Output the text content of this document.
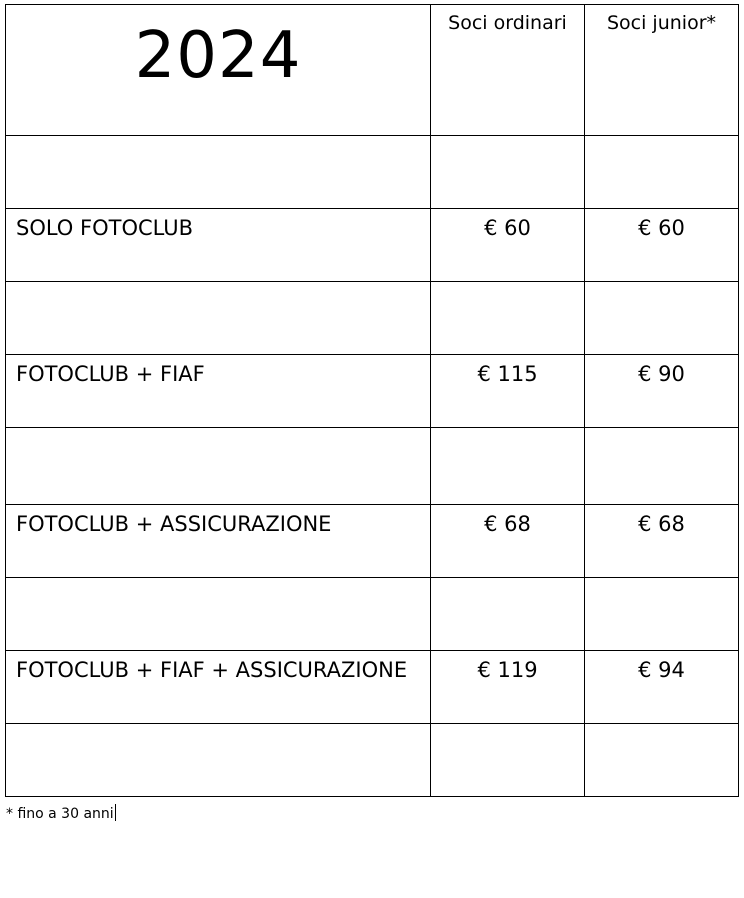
2024	Soci ordinari	Soci junior*

SOLO FOTOCLUB	€ 60	€ 60

FOTOCLUB + FIAF	€ 115	€ 90

FOTOCLUB + ASSICURAZIONE	€ 68	€ 68

FOTOCLUB + FIAF + ASSICURAZIONE	€ 119	€ 94

* fino a 30 anni
